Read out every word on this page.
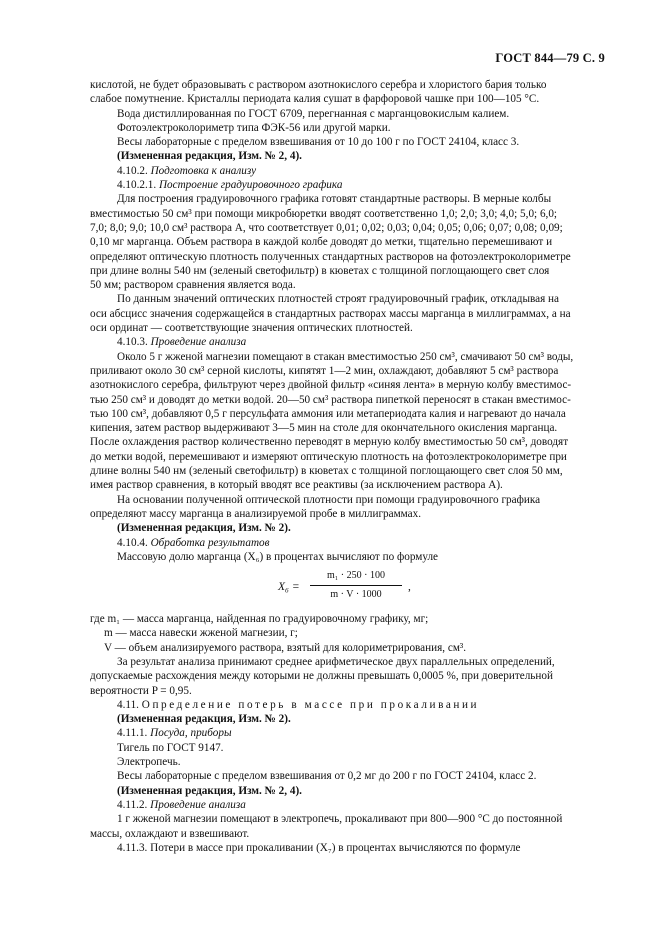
ГОСТ 844—79 С. 9

кислотой, не будет образовывать с раствором азотнокислого серебра и хлористого бария только

слабое помутнение. Кристаллы периодата калия сушат в фарфоровой чашке при 100—105 °С.

Вода дистиллированная по ГОСТ 6709, перегнанная с марганцовокислым калием.

Фотоэлектроколориметр типа ФЭК-56 или другой марки.

Весы лабораторные с пределом взвешивания от 10 до 100 г по ГОСТ 24104, класс 3.

(Измененная редакция, Изм. № 2, 4).

4.10.2. Подготовка к анализу

4.10.2.1. Построение градуировочного графика

Для построения градуировочного графика готовят стандартные растворы. В мерные колбы

вместимостью 50 см³ при помощи микробюретки вводят соответственно 1,0; 2,0; 3,0; 4,0; 5,0; 6,0;

7,0; 8,0; 9,0; 10,0 см³ раствора А, что соответствует 0,01; 0,02; 0,03; 0,04; 0,05; 0,06; 0,07; 0,08; 0,09;

0,10 мг марганца. Объем раствора в каждой колбе доводят до метки, тщательно перемешивают и

определяют оптическую плотность полученных стандартных растворов на фотоэлектроколориметре

при длине волны 540 нм (зеленый светофильтр) в кюветах с толщиной поглощающего свет слоя

50 мм; раствором сравнения является вода.

По данным значений оптических плотностей строят градуировочный график, откладывая на

оси абсцисс значения содержащейся в стандартных растворах массы марганца в миллиграммах, а на

оси ординат — соответствующие значения оптических плотностей.

4.10.3. Проведение анализа

Около 5 г жженой магнезии помещают в стакан вместимостью 250 см³, смачивают 50 см³ воды,

приливают около 30 см³ серной кислоты, кипятят 1—2 мин, охлаждают, добавляют 5 см³ раствора

азотнокислого серебра, фильтруют через двойной фильтр «синяя лента» в мерную колбу вместимос-

тью 250 см³ и доводят до метки водой. 20—50 см³ раствора пипеткой переносят в стакан вместимос-

тью 100 см³, добавляют 0,5 г персульфата аммония или метапериодата калия и нагревают до начала

кипения, затем раствор выдерживают 3—5 мин на столе для окончательного окисления марганца.

После охлаждения раствор количественно переводят в мерную колбу вместимостью 50 см³, доводят

до метки водой, перемешивают и измеряют оптическую плотность на фотоэлектроколориметре при

длине волны 540 нм (зеленый светофильтр) в кюветах с толщиной поглощающего свет слоя 50 мм,

имея раствор сравнения, в который вводят все реактивы (за исключением раствора А).

На основании полученной оптической плотности при помощи градуировочного графика

определяют массу марганца в анализируемой пробе в миллиграммах.

(Измененная редакция, Изм. № 2).

4.10.4. Обработка результатов

Массовую долю марганца (X₆) в процентах вычисляют по формуле

$X_6 = \frac{\text{m₁ · 250 · 100}}{m \cdot V \cdot 1000}$ ,

где m₁ — масса марганца, найденная по градуировочному графику, мг;

m — масса навески жженой магнезии, г;

V — объем анализируемого раствора, взятый для колориметрирования, см³.

За результат анализа принимают среднее арифметическое двух параллельных определений,

допускаемые расхождения между которыми не должны превышать 0,0005 %, при доверительной

вероятности P = 0,95.

4.11. Определение потерь в массе при прокаливании

(Измененная редакция, Изм. № 2).

4.11.1. Посуда, приборы

Тигель по ГОСТ 9147.

Электропечь.

Весы лабораторные с пределом взвешивания от 0,2 мг до 200 г по ГОСТ 24104, класс 2.

(Измененная редакция, Изм. № 2, 4).

4.11.2. Проведение анализа

1 г жженой магнезии помещают в электропечь, прокаливают при 800—900 °С до постоянной

массы, охлаждают и взвешивают.

4.11.3. Потери в массе при прокаливании (X₇) в процентах вычисляются по формуле
